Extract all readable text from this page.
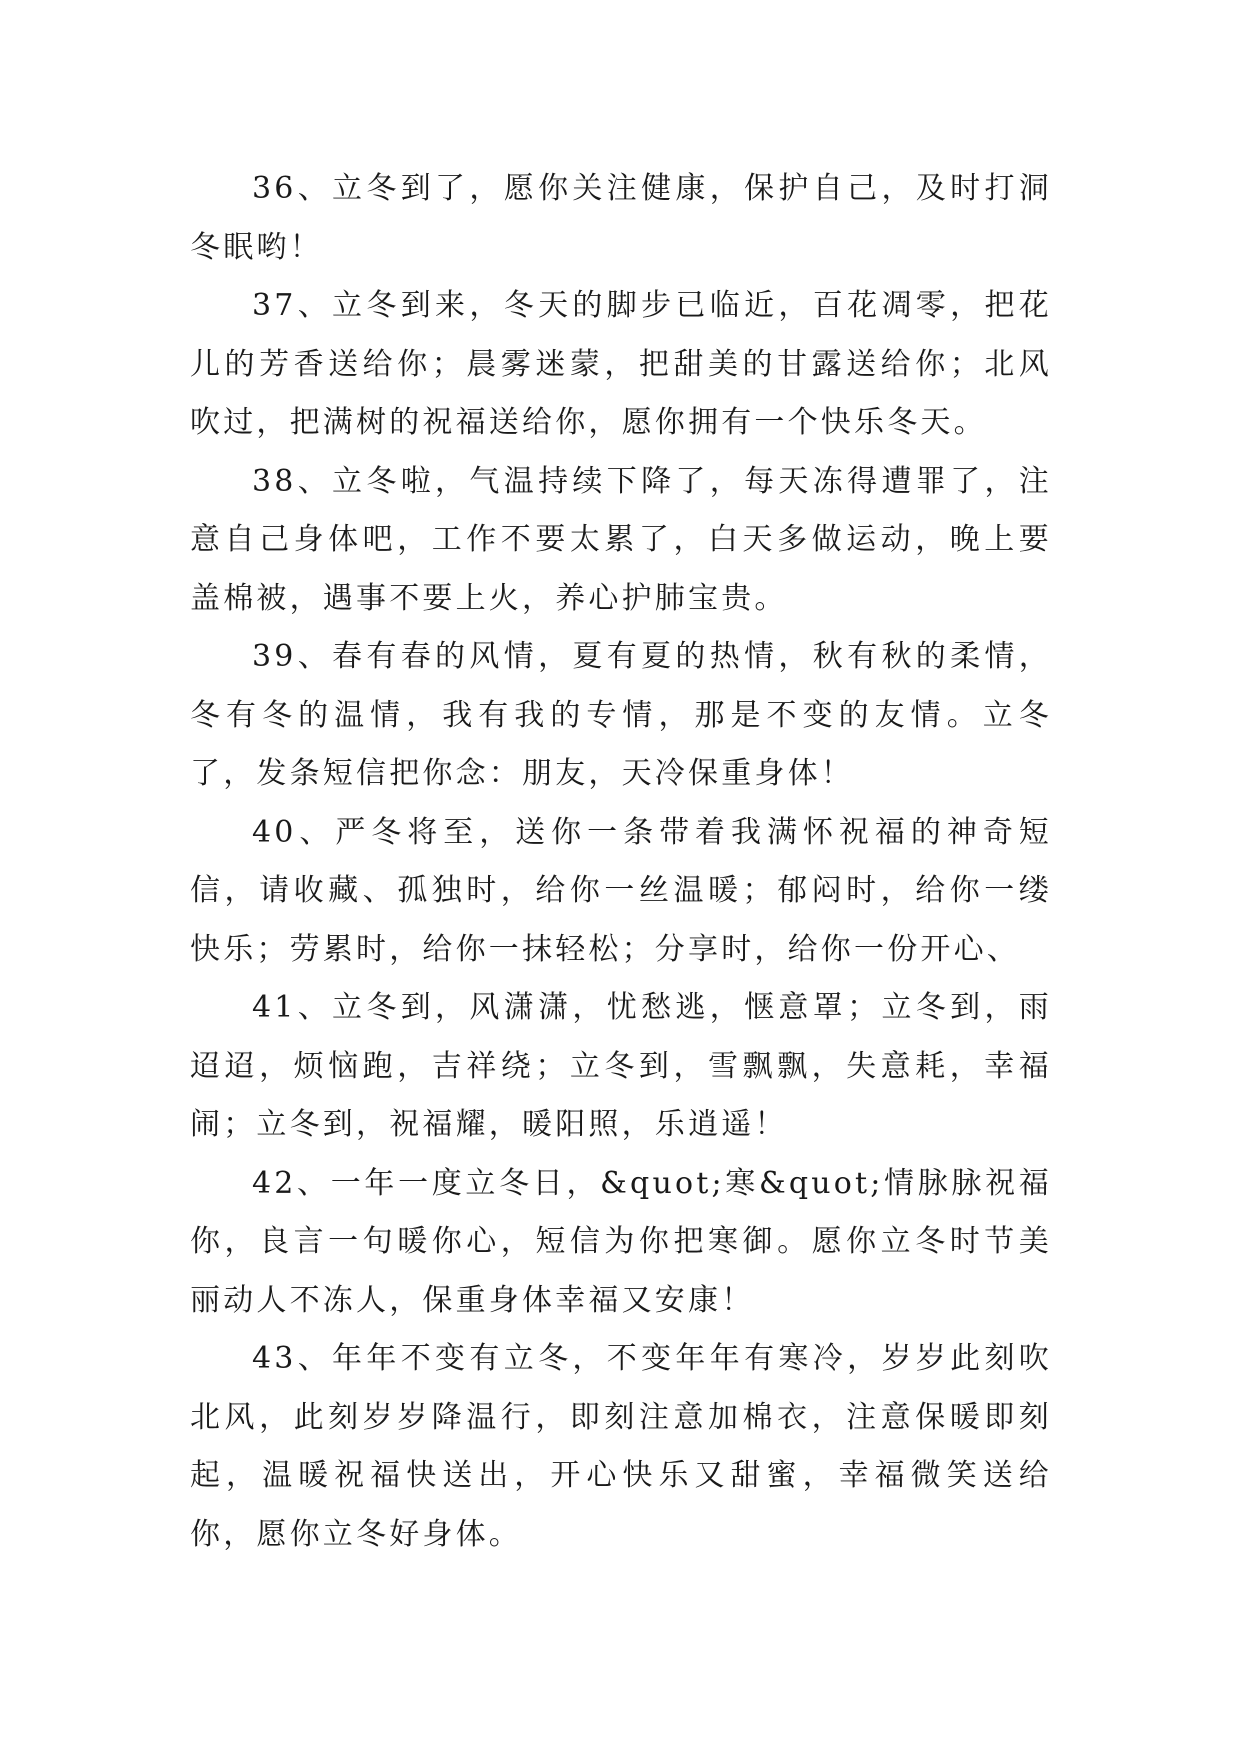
36、立冬到了，愿你关注健康，保护自己，及时打洞冬眠哟！

37、立冬到来，冬天的脚步已临近，百花凋零，把花儿的芳香送给你；晨雾迷蒙，把甜美的甘露送给你；北风吹过，把满树的祝福送给你，愿你拥有一个快乐冬天。

38、立冬啦，气温持续下降了，每天冻得遭罪了，注意自己身体吧，工作不要太累了，白天多做运动，晚上要盖棉被，遇事不要上火，养心护肺宝贵。

39、春有春的风情，夏有夏的热情，秋有秋的柔情，冬有冬的温情，我有我的专情，那是不变的友情。立冬了，发条短信把你念：朋友，天冷保重身体！

40、严冬将至，送你一条带着我满怀祝福的神奇短信，请收藏、孤独时，给你一丝温暖；郁闷时，给你一缕快乐；劳累时，给你一抹轻松；分享时，给你一份开心、

41、立冬到，风潇潇，忧愁逃，惬意罩；立冬到，雨迢迢，烦恼跑，吉祥绕；立冬到，雪飘飘，失意耗，幸福闹；立冬到，祝福耀，暖阳照，乐逍遥！

42、一年一度立冬日，&quot;寒&quot;情脉脉祝福你，良言一句暖你心，短信为你把寒御。愿你立冬时节美丽动人不冻人，保重身体幸福又安康！

43、年年不变有立冬，不变年年有寒冷，岁岁此刻吹北风，此刻岁岁降温行，即刻注意加棉衣，注意保暖即刻起，温暖祝福快送出，开心快乐又甜蜜，幸福微笑送给你，愿你立冬好身体。
